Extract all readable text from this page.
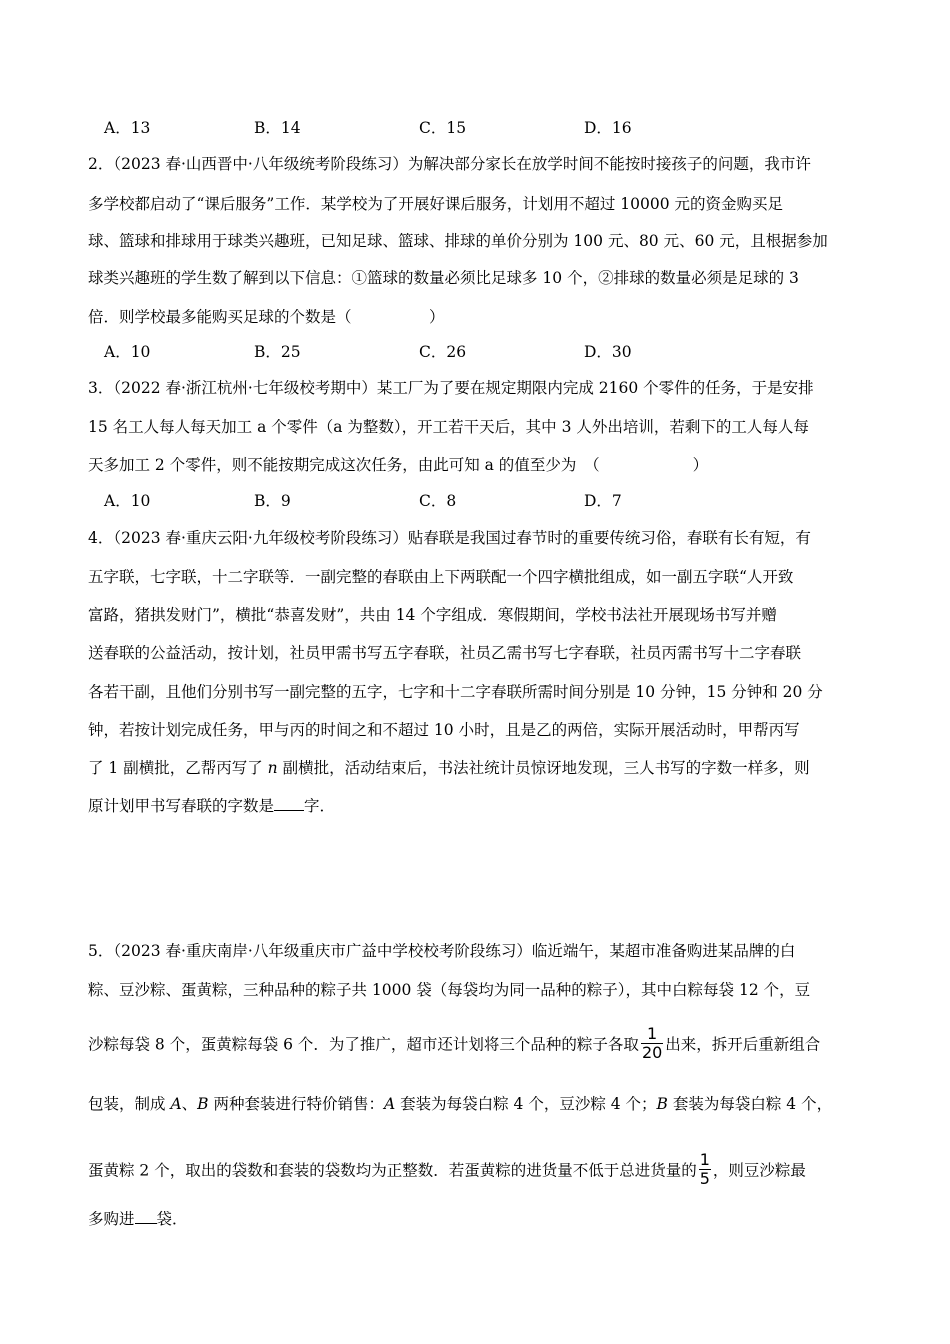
A．13	B．14	C．15	D．16
2．（2023 春·山西晋中·八年级统考阶段练习）为解决部分家长在放学时间不能按时接孩子的问题，我市许
多学校都启动了“课后服务”工作．某学校为了开展好课后服务，计划用不超过 10000 元的资金购买足
球、篮球和排球用于球类兴趣班，已知足球、篮球、排球的单价分别为 100 元、80 元、60 元，且根据参加
球类兴趣班的学生数了解到以下信息：①篮球的数量必须比足球多 10 个，②排球的数量必须是足球的 3
倍．则学校最多能购买足球的个数是（　　　　　）
A．10	B．25	C．26	D．30
3．（2022 春·浙江杭州·七年级校考期中）某工厂为了要在规定期限内完成 2160 个零件的任务，于是安排
15 名工人每人每天加工 a 个零件（a 为整数），开工若干天后，其中 3 人外出培训，若剩下的工人每人每
天多加工 2 个零件，则不能按期完成这次任务，由此可知 a 的值至少为　（　　　　　　）
A．10	B．9	C．8	D．7
4．（2023 春·重庆云阳·九年级校考阶段练习）贴春联是我国过春节时的重要传统习俗，春联有长有短，有
五字联，七字联，十二字联等．一副完整的春联由上下两联配一个四字横批组成，如一副五字联“人开致
富路，猪拱发财门”，横批“恭喜发财”，共由 14 个字组成．寒假期间，学校书法社开展现场书写并赠
送春联的公益活动，按计划，社员甲需书写五字春联，社员乙需书写七字春联，社员丙需书写十二字春联
各若干副，且他们分别书写一副完整的五字，七字和十二字春联所需时间分别是 10 分钟，15 分钟和 20 分
钟，若按计划完成任务，甲与丙的时间之和不超过 10 小时，且是乙的两倍，实际开展活动时，甲帮丙写
了 1 副横批，乙帮丙写了 n 副横批，活动结束后，书法社统计员惊讶地发现，三人书写的字数一样多，则
原计划甲书写春联的字数是 字．
5．（2023 春·重庆南岸·八年级重庆市广益中学校校考阶段练习）临近端午，某超市准备购进某品牌的白
粽、豆沙粽、蛋黄粽，三种品种的粽子共 1000 袋（每袋均为同一品种的粽子），其中白粽每袋 12 个，豆
沙粽每袋 8 个，蛋黄粽每袋 6 个．为了推广，超市还计划将三个品种的粽子各取 $\frac{1}{20}$ 出来，拆开后重新组合
包装，制成 A、B 两种套装进行特价销售：A 套装为每袋白粽 4 个，豆沙粽 4 个；B 套装为每袋白粽 4 个，
蛋黄粽 2 个，取出的袋数和套装的袋数均为正整数．若蛋黄粽的进货量不低于总进货量的 $\frac{1}{5}$ ，则豆沙粽最
多购进 袋．
